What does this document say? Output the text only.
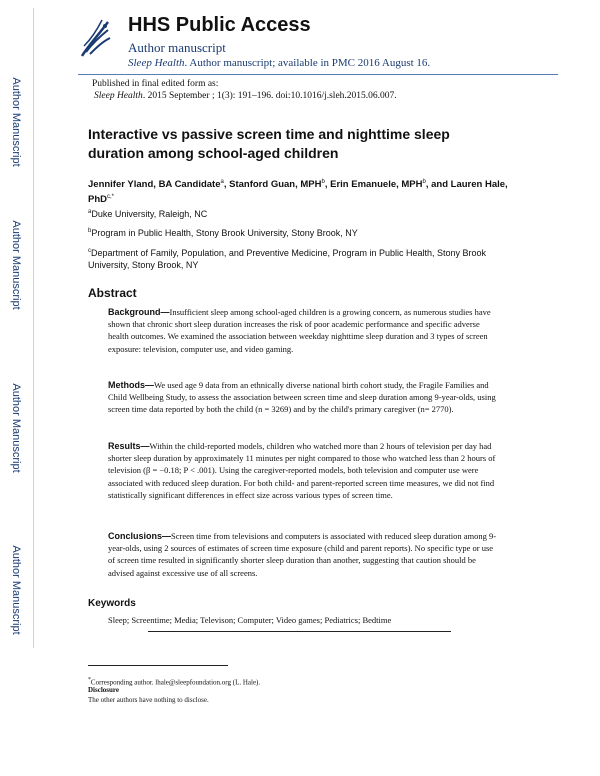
Author Manuscript
Author Manuscript
Author Manuscript
Author Manuscript
HHS Public Access
Author manuscript
Sleep Health. Author manuscript; available in PMC 2016 August 16.
Published in final edited form as:
Sleep Health. 2015 September ; 1(3): 191–196. doi:10.1016/j.sleh.2015.06.007.
Interactive vs passive screen time and nighttime sleep duration among school-aged children
Jennifer Yland, BA Candidate$^a$, Stanford Guan, MPH$^b$, Erin Emanuele, MPH$^b$, and Lauren Hale, PhD$^{c,*}$
$^a$Duke University, Raleigh, NC
$^b$Program in Public Health, Stony Brook University, Stony Brook, NY
$^c$Department of Family, Population, and Preventive Medicine, Program in Public Health, Stony Brook University, Stony Brook, NY
Abstract
Background—Insufficient sleep among school-aged children is a growing concern, as numerous studies have shown that chronic short sleep duration increases the risk of poor academic performance and specific adverse health outcomes. We examined the association between weekday nighttime sleep duration and 3 types of screen exposure: television, computer use, and video gaming.
Methods—We used age 9 data from an ethnically diverse national birth cohort study, the Fragile Families and Child Wellbeing Study, to assess the association between screen time and sleep duration among 9-year-olds, using screen time data reported by both the child (n = 3269) and by the child's primary caregiver (n= 2770).
Results—Within the child-reported models, children who watched more than 2 hours of television per day had shorter sleep duration by approximately 11 minutes per night compared to those who watched less than 2 hours of television (β = −0.18; P < .001). Using the caregiver-reported models, both television and computer use were associated with reduced sleep duration. For both child- and parent-reported screen time measures, we did not find statistically significant differences in effect size across various types of screen time.
Conclusions—Screen time from televisions and computers is associated with reduced sleep duration among 9-year-olds, using 2 sources of estimates of screen time exposure (child and parent reports). No specific type or use of screen time resulted in significantly shorter sleep duration than another, suggesting that caution should be advised against excessive use of all screens.
Keywords
Sleep; Screentime; Media; Televison; Computer; Video games; Pediatrics; Bedtime
*Corresponding author. lhale@sleepfoundation.org (L. Hale).
Disclosure
The other authors have nothing to disclose.
